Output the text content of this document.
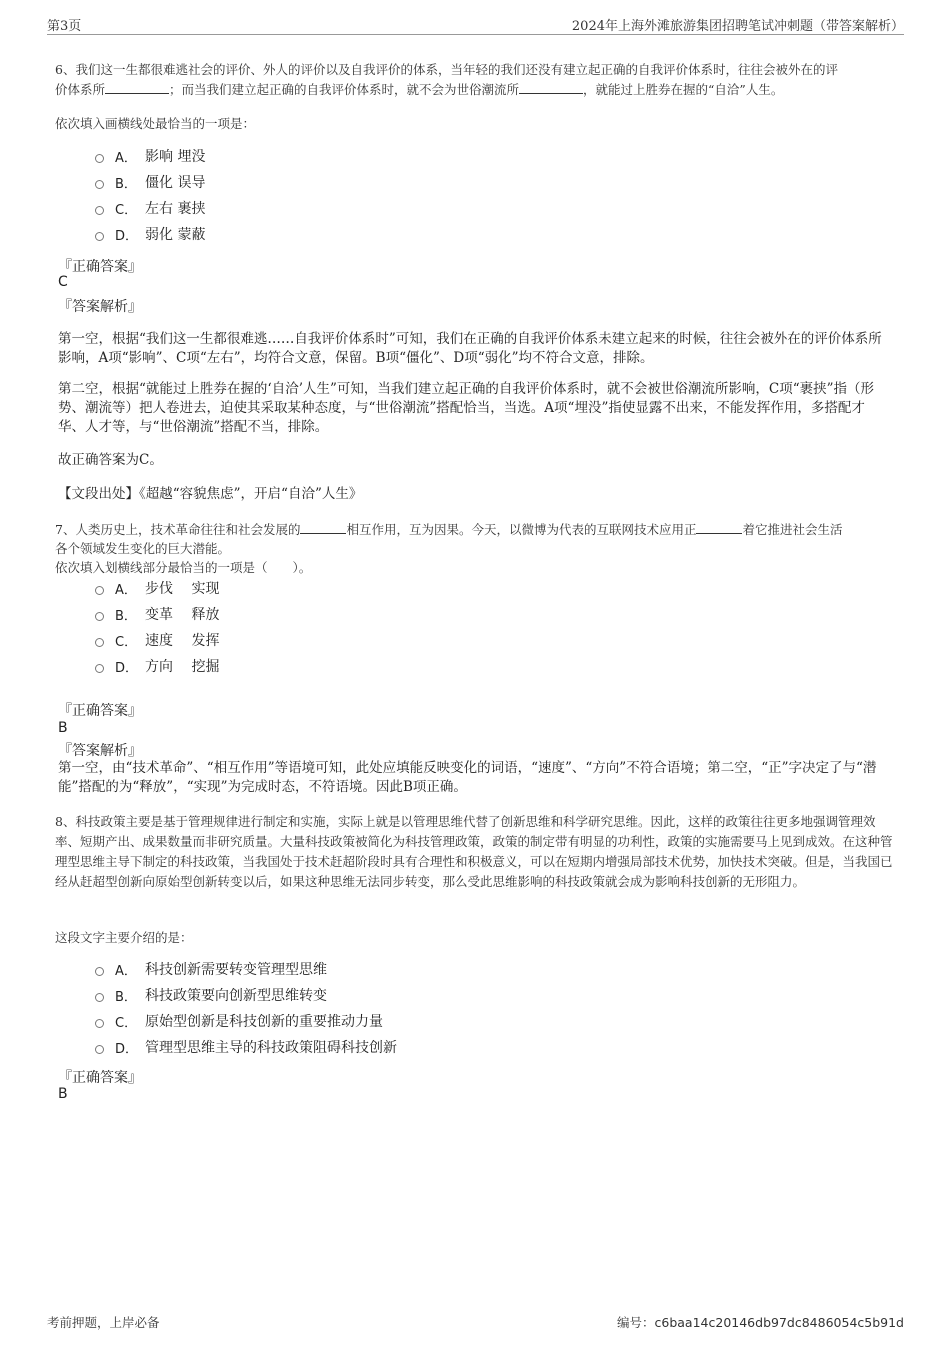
第3页	2024年上海外滩旅游集团招聘笔试冲刺题（带答案解析）
6、我们这一生都很难逃社会的评价、外人的评价以及自我评价的体系，当年轻的我们还没有建立起正确的自我评价体系时，往往会被外在的评
价体系所	；而当我们建立起正确的自我评价体系时，就不会为世俗潮流所	，就能过上胜券在握的“自洽”人生。
依次填入画横线处最恰当的一项是：
A． 影响 埋没
B． 僵化 误导
C． 左右 裹挟
D． 弱化 蒙蔽
『正确答案』
C
『答案解析』
第一空，根据“我们这一生都很难逃……自我评价体系时”可知，我们在正确的自我评价体系未建立起来的时候，往往会被外在的评价体系所影响，A项“影响”、C项“左右”，均符合文意，保留。B项“僵化”、D项“弱化”均不符合文意，排除。
第二空，根据“就能过上胜券在握的‘自洽’人生”可知，当我们建立起正确的自我评价体系时，就不会被世俗潮流所影响，C项“裹挟”指（形势、潮流等）把人卷进去，迫使其采取某种态度，与“世俗潮流”搭配恰当，当选。A项“埋没”指使显露不出来，不能发挥作用，多搭配才华、人才等，与“世俗潮流”搭配不当，排除。
故正确答案为C。
【文段出处】《超越“容貌焦虑”，开启“自洽”人生》
7、人类历史上，技术革命往往和社会发展的	相互作用，互为因果。今天，以微博为代表的互联网技术应用正	着它推进社会生活
各个领域发生变化的巨大潜能。
依次填入划横线部分最恰当的一项是（　　）。
A． 步伐　 实现
B． 变革　 释放
C． 速度　 发挥
D． 方向　 挖掘
『正确答案』
B
『答案解析』
第一空，由“技术革命”、“相互作用”等语境可知，此处应填能反映变化的词语，“速度”、“方向”不符合语境；第二空，“正”字决定了与“潜能”搭配的为“释放”，“实现”为完成时态，不符语境。因此B项正确。
8、科技政策主要是基于管理规律进行制定和实施，实际上就是以管理思维代替了创新思维和科学研究思维。因此，这样的政策往往更多地强调管理效率、短期产出、成果数量而非研究质量。大量科技政策被简化为科技管理政策，政策的制定带有明显的功利性，政策的实施需要马上见到成效。在这种管理型思维主导下制定的科技政策，当我国处于技术赶超阶段时具有合理性和积极意义，可以在短期内增强局部技术优势，加快技术突破。但是，当我国已经从赶超型创新向原始型创新转变以后，如果这种思维无法同步转变，那么受此思维影响的科技政策就会成为影响科技创新的无形阻力。
这段文字主要介绍的是：
A． 科技创新需要转变管理型思维
B． 科技政策要向创新型思维转变
C． 原始型创新是科技创新的重要推动力量
D． 管理型思维主导的科技政策阻碍科技创新
『正确答案』
B
考前押题，上岸必备	编号：c6baa14c20146db97dc8486054c5b91d
